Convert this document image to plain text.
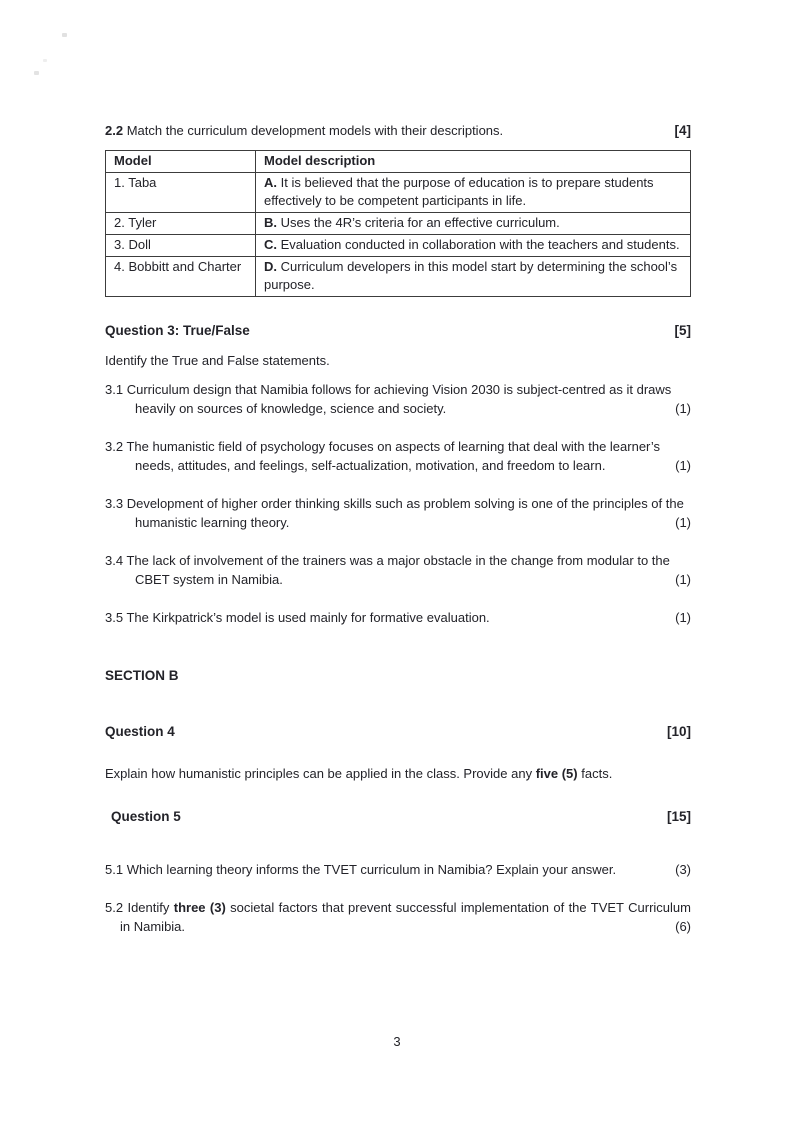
2.2 Match the curriculum development models with their descriptions.	[4]
Model	Model description
1. Taba	A. It is believed that the purpose of education is to prepare students effectively to be competent participants in life.
2. Tyler	B. Uses the 4R’s criteria for an effective curriculum.
3. Doll	C. Evaluation conducted in collaboration with the teachers and students.
4. Bobbitt and Charter	D. Curriculum developers in this model start by determining the school’s purpose.
Question 3: True/False	[5]

Identify the True and False statements.

3.1 Curriculum design that Namibia follows for achieving Vision 2030 is subject-centred as it draws heavily on sources of knowledge, science and society.	(1)

3.2 The humanistic field of psychology focuses on aspects of learning that deal with the learner’s needs, attitudes, and feelings, self-actualization, motivation, and freedom to learn.	(1)

3.3 Development of higher order thinking skills such as problem solving is one of the principles of the humanistic learning theory.	(1)

3.4 The lack of involvement of the trainers was a major obstacle in the change from modular to the CBET system in Namibia.	(1)

3.5 The Kirkpatrick’s model is used mainly for formative evaluation.	(1)
SECTION B
Question 4	[10]

Explain how humanistic principles can be applied in the class. Provide any five (5) facts.

Question 5	[15]

5.1 Which learning theory informs the TVET curriculum in Namibia? Explain your answer.	(3)

5.2 Identify three (3) societal factors that prevent successful implementation of the TVET Curriculum in Namibia.	(6)
3
